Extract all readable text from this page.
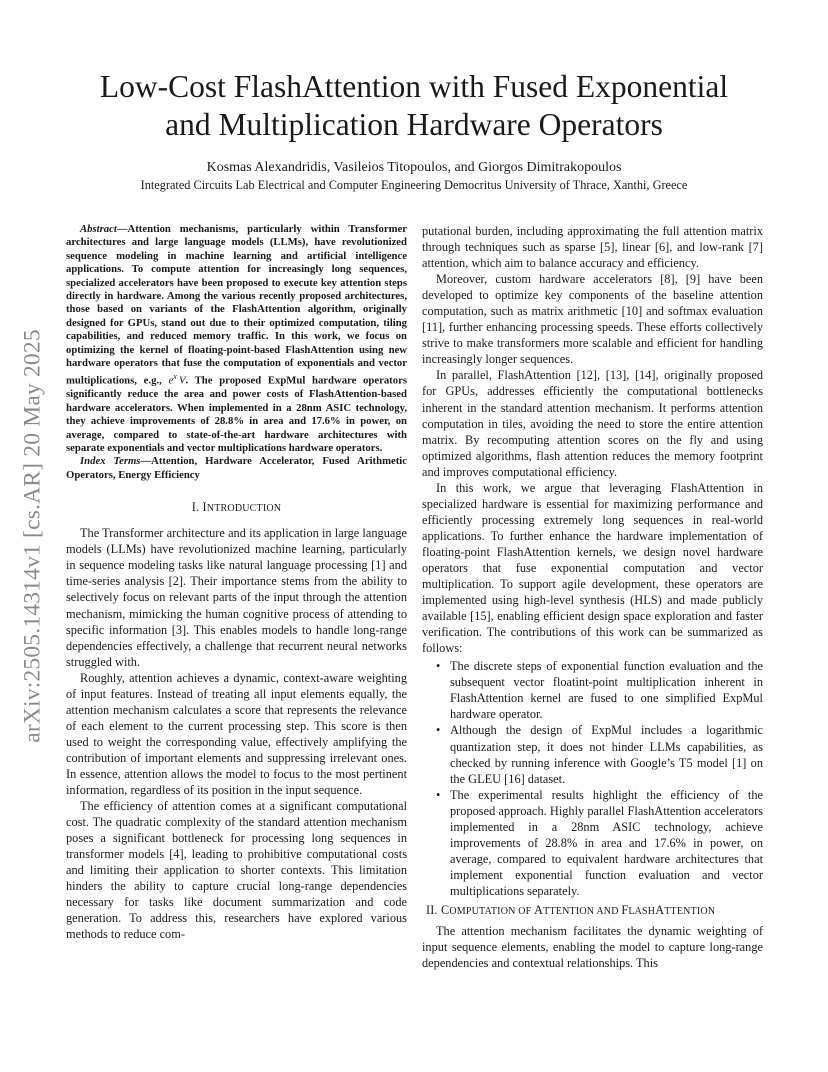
arXiv:2505.14314v1 [cs.AR] 20 May 2025
Low-Cost FlashAttention with Fused Exponential
and Multiplication Hardware Operators
Kosmas Alexandridis, Vasileios Titopoulos, and Giorgos Dimitrakopoulos
Integrated Circuits Lab Electrical and Computer Engineering Democritus University of Thrace, Xanthi, Greece

Abstract—Attention mechanisms, particularly within Transformer architectures and large language models (LLMs), have revolutionized sequence modeling in machine learning and artificial intelligence applications. To compute attention for increasingly long sequences, specialized accelerators have been proposed to execute key attention steps directly in hardware. Among the various recently proposed architectures, those based on variants of the FlashAttention algorithm, originally designed for GPUs, stand out due to their optimized computation, tiling capabilities, and reduced memory traffic. In this work, we focus on optimizing the kernel of floating-point-based FlashAttention using new hardware operators that fuse the computation of exponentials and vector multiplications, e.g., $e^x$  V. The proposed ExpMul hardware operators significantly reduce the area and power costs of FlashAttention-based hardware accelerators. When implemented in a 28nm ASIC technology, they achieve improvements of 28.8% in area and 17.6% in power, on average, compared to state-of-the-art hardware architectures with separate exponentials and vector multiplications hardware operators.

Index Terms—Attention, Hardware Accelerator, Fused Arithmetic Operators, Energy Efficiency

I. INTRODUCTION

The Transformer architecture and its application in large language models (LLMs) have revolutionized machine learning, particularly in sequence modeling tasks like natural language processing [1] and time-series analysis [2]. Their importance stems from the ability to selectively focus on relevant parts of the input through the attention mechanism, mimicking the human cognitive process of attending to specific information [3]. This enables models to handle long-range dependencies effectively, a challenge that recurrent neural networks struggled with.

Roughly, attention achieves a dynamic, context-aware weighting of input features. Instead of treating all input elements equally, the attention mechanism calculates a score that represents the relevance of each element to the current processing step. This score is then used to weight the corresponding value, effectively amplifying the contribution of important elements and suppressing irrelevant ones. In essence, attention allows the model to focus to the most pertinent information, regardless of its position in the input sequence.

The efficiency of attention comes at a significant computational cost. The quadratic complexity of the standard attention mechanism poses a significant bottleneck for processing long sequences in transformer models [4], leading to prohibitive computational costs and limiting their application to shorter contexts. This limitation hinders the ability to capture crucial long-range dependencies necessary for tasks like document summarization and code generation. To address this, researchers have explored various methods to reduce com-

putational burden, including approximating the full attention matrix through techniques such as sparse [5], linear [6], and low-rank [7] attention, which aim to balance accuracy and efficiency.

Moreover, custom hardware accelerators [8], [9] have been developed to optimize key components of the baseline attention computation, such as matrix arithmetic [10] and softmax evaluation [11], further enhancing processing speeds. These efforts collectively strive to make transformers more scalable and efficient for handling increasingly longer sequences.

In parallel, FlashAttention [12], [13], [14], originally proposed for GPUs, addresses efficiently the computational bottlenecks inherent in the standard attention mechanism. It performs attention computation in tiles, avoiding the need to store the entire attention matrix. By recomputing attention scores on the fly and using optimized algorithms, flash attention reduces the memory footprint and improves computational efficiency.

In this work, we argue that leveraging FlashAttention in specialized hardware is essential for maximizing performance and efficiently processing extremely long sequences in real-world applications. To further enhance the hardware implementation of floating-point FlashAttention kernels, we design novel hardware operators that fuse exponential computation and vector multiplication. To support agile development, these operators are implemented using high-level synthesis (HLS) and made publicly available [15], enabling efficient design space exploration and faster verification. The contributions of this work can be summarized as follows:

• The discrete steps of exponential function evaluation and the subsequent vector floatint-point multiplication inherent in FlashAttention kernel are fused to one simplified ExpMul hardware operator.
• Although the design of ExpMul includes a logarithmic quantization step, it does not hinder LLMs capabilities, as checked by running inference with Google’s T5 model [1] on the GLEU [16] dataset.
• The experimental results highlight the efficiency of the proposed approach. Highly parallel FlashAttention accelerators implemented in a 28nm ASIC technology, achieve improvements of 28.8% in area and 17.6% in power, on average, compared to equivalent hardware architectures that implement exponential function evaluation and vector multiplications separately.
II. COMPUTATION OF ATTENTION AND FLASHATTENTION

The attention mechanism facilitates the dynamic weighting of input sequence elements, enabling the model to capture long-range dependencies and contextual relationships. This
